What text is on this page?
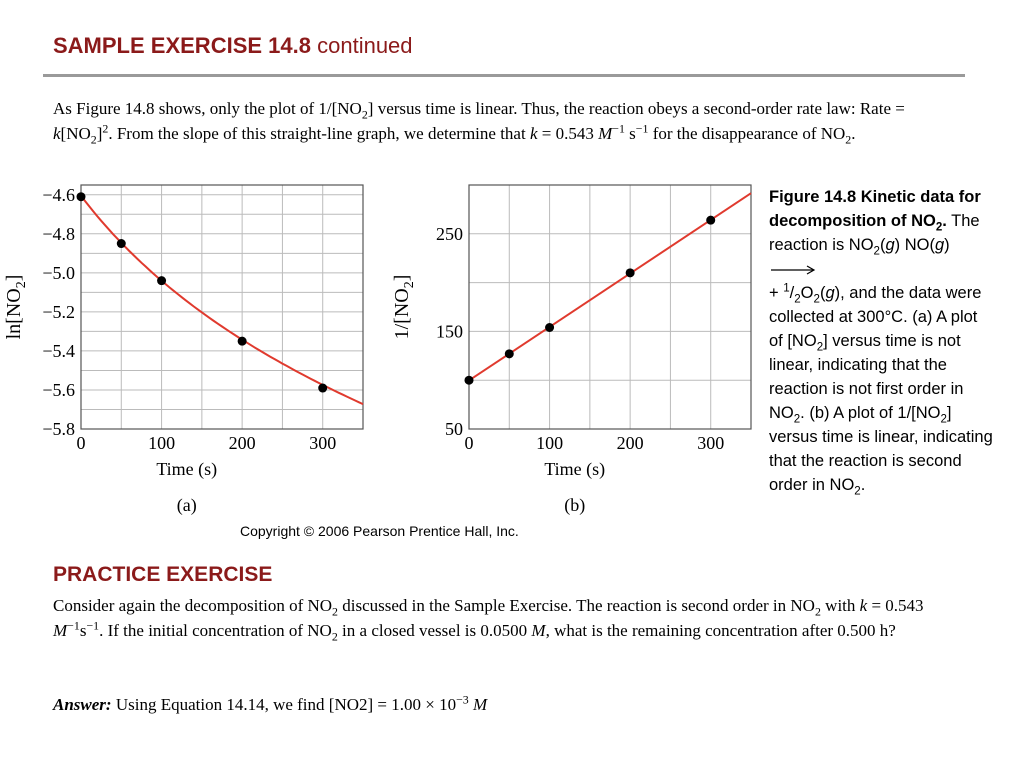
SAMPLE EXERCISE 14.8 continued

As Figure 14.8 shows, only the plot of $1/[NO_2]$ versus time is linear. Thus, the reaction obeys a second-order rate law: Rate = $k[NO_2]^2$. From the slope of this straight-line graph, we determine that k = 0.543 $M^{-1}$ $s^{-1}$ for the disappearance of $NO_2$.

0	100	200	300
−4.6
−4.8
−5.0
−5.2
−5.4
−5.6
−5.8
Time (s)
$\ln[NO_2]$
(a)
0	100	200	300
50
150
250
Time (s)
$1/[NO_2]$
(b)
Copyright © 2006 Pearson Prentice Hall, Inc.

Figure 14.8 Kinetic data for decomposition of $NO_2$. The reaction is $NO_2(g)$ NO(g)
+ $^1/_2O_2(g)$, and the data were collected at 300°C. (a) A plot of $[NO_2]$ versus time is not linear, indicating that the reaction is not first order in $NO_2$. (b) A plot of $1/[NO_2]$ versus time is linear, indicating that the reaction is second order in $NO_2$.

PRACTICE EXERCISE

Consider again the decomposition of $NO_2$ discussed in the Sample Exercise. The reaction is second order in $NO_2$ with k = 0.543 $M^{-1}s^{-1}$. If the initial concentration of $NO_2$ in a closed vessel is 0.0500 M, what is the remaining concentration after 0.500 h?

Answer: Using Equation 14.14, we find $[NO2] = 1.00 \times 10^{-3}$ M
